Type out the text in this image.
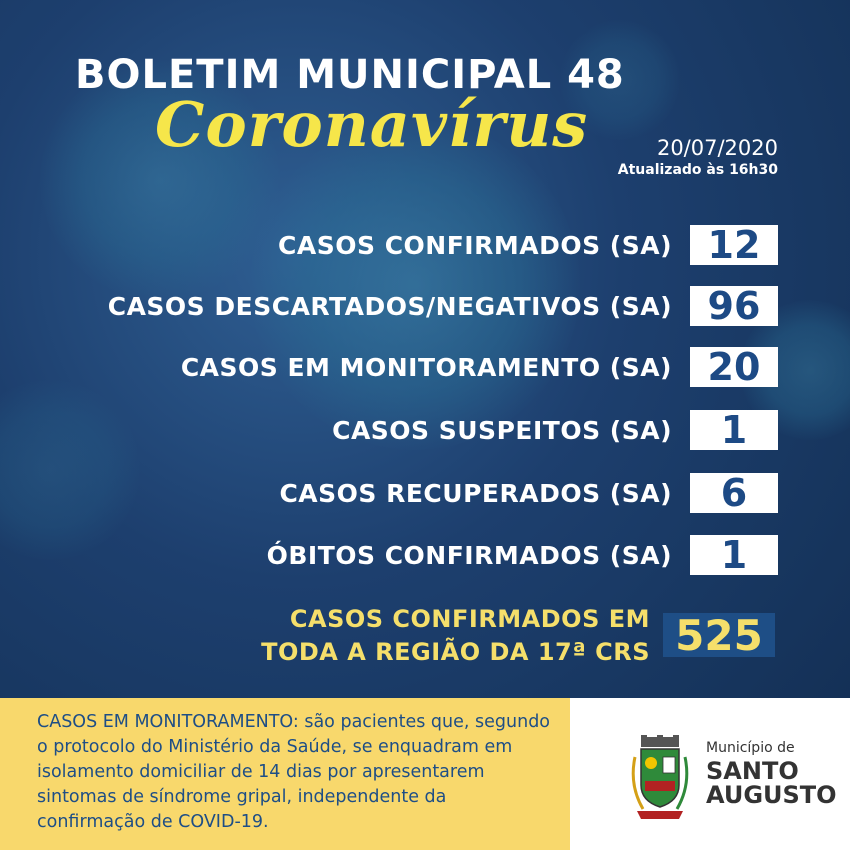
BOLETIM MUNICIPAL 48
Coronavírus	20/07/2020
Atualizado às 16h30
CASOS CONFIRMADOS (SA) 12
CASOS DESCARTADOS/NEGATIVOS (SA) 96
CASOS EM MONITORAMENTO (SA) 20
CASOS SUSPEITOS (SA)	1
CASOS RECUPERADOS (SA)	6
ÓBITOS CONFIRMADOS (SA)	1
CASOS CONFIRMADOS EM
TODA A REGIÃO DA 17ª CRS 525
CASOS EM MONITORAMENTO: são pacientes que, segundo o protocolo do Ministério da Saúde, se enquadram em isolamento domiciliar de 14 dias por apresentarem sintomas de síndrome gripal, independente da confirmação de COVID-19.
Município de
SANTO
AUGUSTO
